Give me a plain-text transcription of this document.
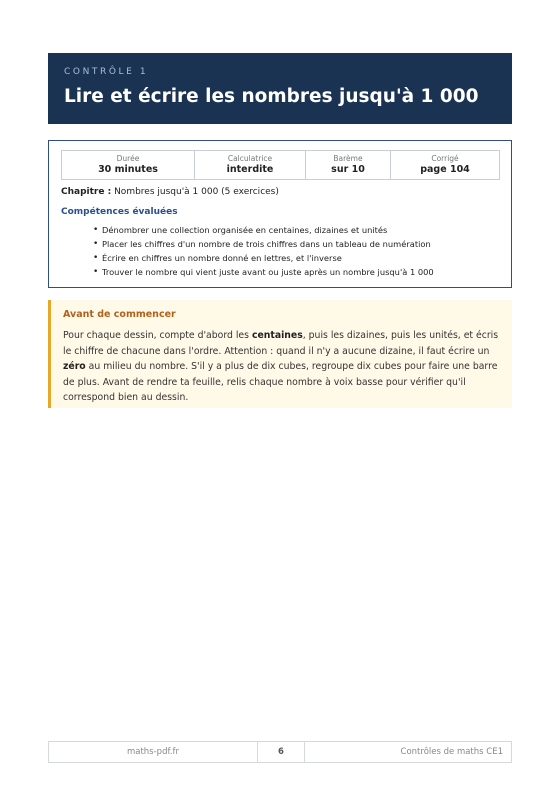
CONTRÔLE 1

Lire et écrire les nombres jusqu'à 1 000
Durée
30 minutes

Calculatrice
interdite

Barème
sur 10

Corrigé
page 104

Chapitre : Nombres jusqu'à 1 000 (5 exercices)

Compétences évaluées

• Dénombrer une collection organisée en centaines, dizaines et unités
• Placer les chiffres d'un nombre de trois chiffres dans un tableau de numération
• Écrire en chiffres un nombre donné en lettres, et l'inverse
• Trouver le nombre qui vient juste avant ou juste après un nombre jusqu'à 1 000

Avant de commencer

Pour chaque dessin, compte d'abord les centaines, puis les dizaines, puis les unités, et écris le chiffre de chacune dans l'ordre. Attention : quand il n'y a aucune dizaine, il faut écrire un zéro au milieu du nombre. S'il y a plus de dix cubes, regroupe dix cubes pour faire une barre de plus. Avant de rendre ta feuille, relis chaque nombre à voix basse pour vérifier qu'il correspond bien au dessin.

maths-pdf.fr	6	Contrôles de maths CE1
